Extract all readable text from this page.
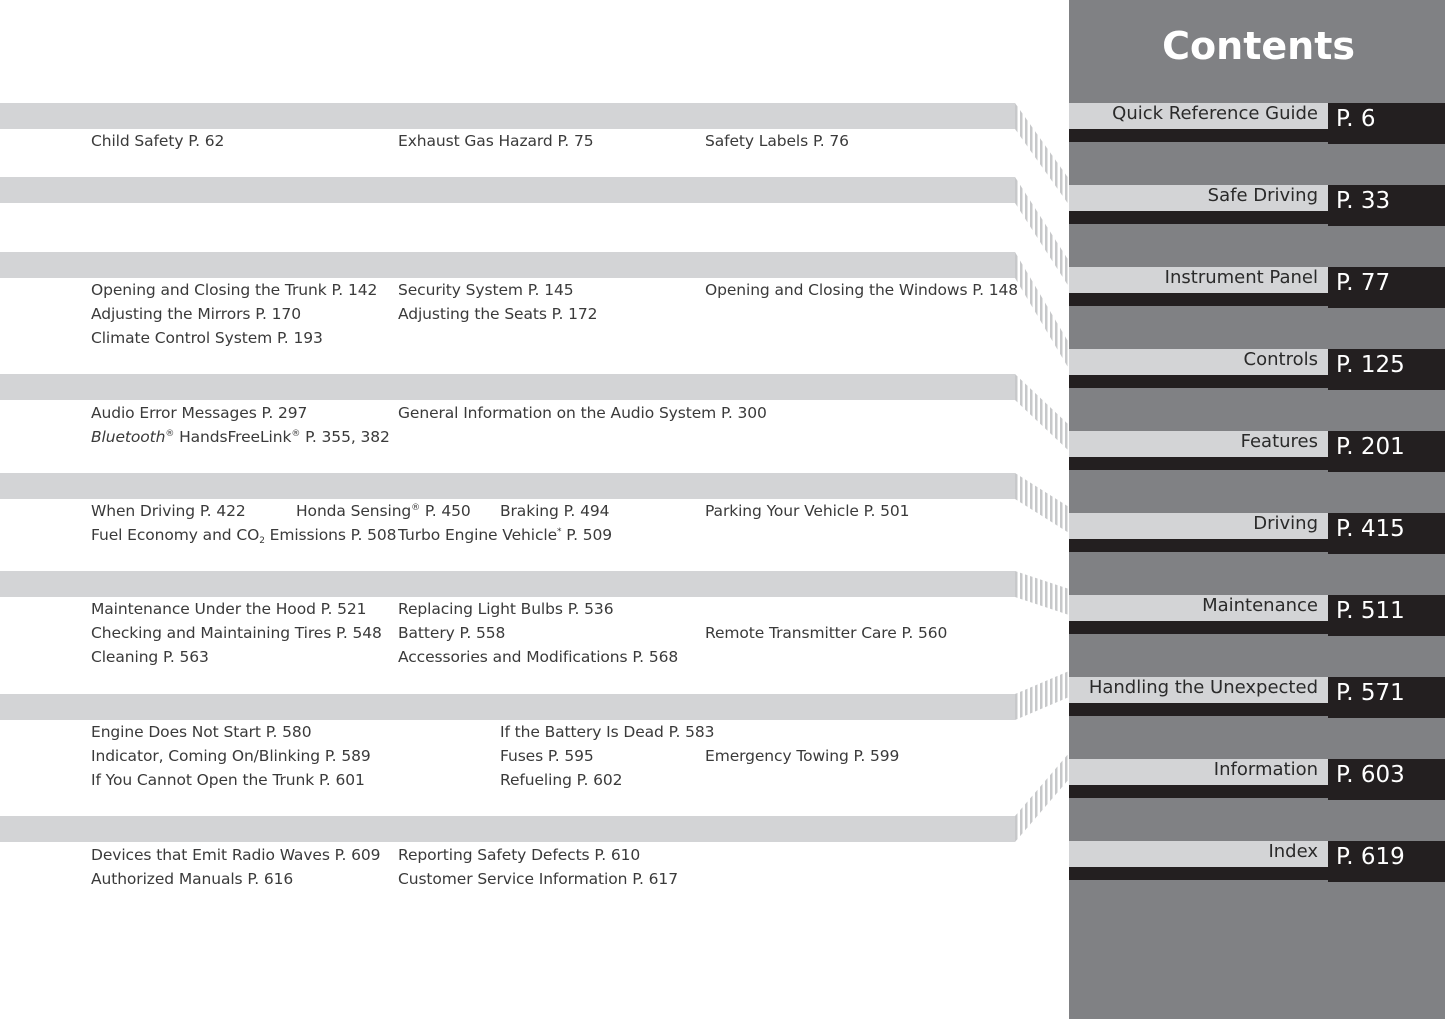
Child Safety P. 62	Exhaust Gas Hazard P. 75	Safety Labels P. 76
Opening and Closing the Trunk P. 142 Security System P. 145	Opening and Closing the Windows P. 148
Adjusting the Mirrors P. 170	Adjusting the Seats P. 172
Climate Control System P. 193
Audio Error Messages P. 297	General Information on the Audio System P. 300
Bluetooth® HandsFreeLink® P. 355, 382
When Driving P. 422	Honda Sensing® P. 450 Braking P. 494	Parking Your Vehicle P. 501
Fuel Economy and $CO_2$ Emissions P. 508 Turbo Engine Vehicle* P. 509
Maintenance Under the Hood P. 521 Replacing Light Bulbs P. 536
Checking and Maintaining Tires P. 548 Battery P. 558	Remote Transmitter Care P. 560
Cleaning P. 563	Accessories and Modifications P. 568
Engine Does Not Start P. 580	If the Battery Is Dead P. 583
Indicator, Coming On/Blinking P. 589	Fuses P. 595	Emergency Towing P. 599
If You Cannot Open the Trunk P. 601	Refueling P. 602
Devices that Emit Radio Waves P. 609 Reporting Safety Defects P. 610
Authorized Manuals P. 616	Customer Service Information P. 617
Contents
Quick Reference Guide P. 6
Safe Driving P. 33
Instrument Panel P. 77
Controls P. 125
Features P. 201
Driving P. 415
Maintenance P. 511
Handling the Unexpected P. 571
Information P. 603
Index P. 619
